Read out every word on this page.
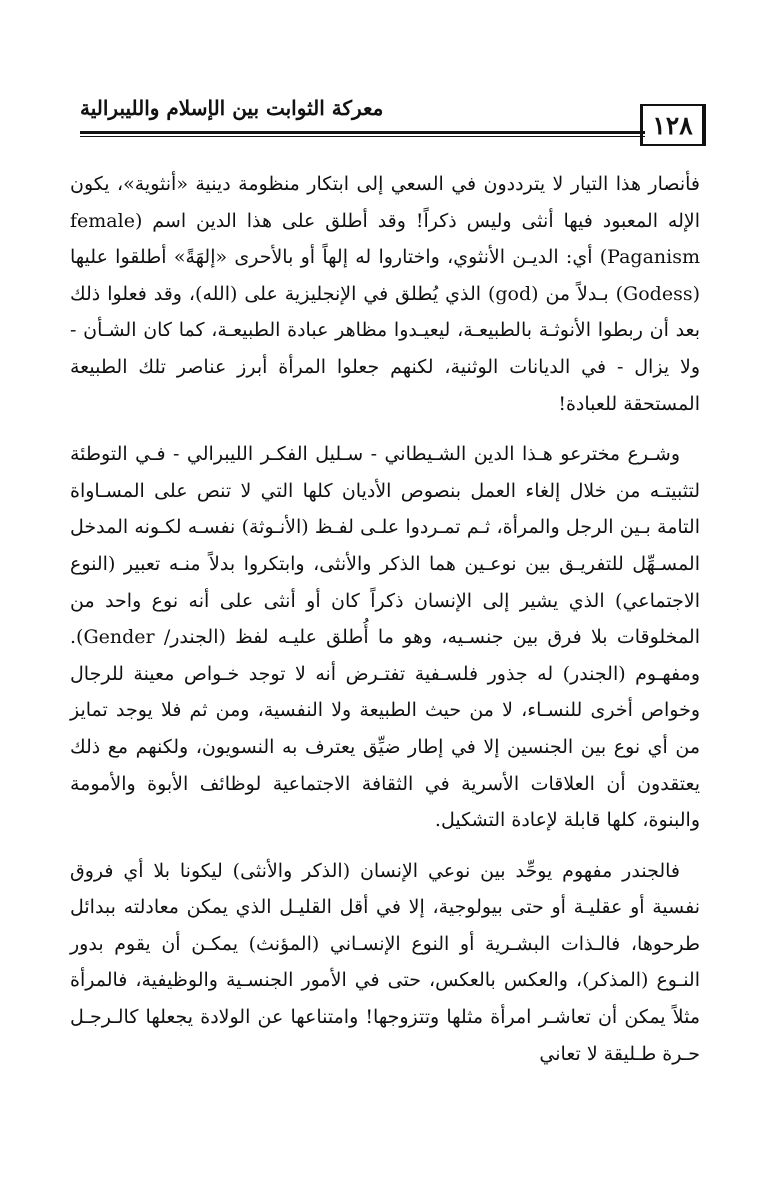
١٢٨
معركة الثوابت بين الإسلام والليبرالية

فأنصار هذا التيار لا يترددون في السعي إلى ابتكار منظومة دينية «أنثوية»، يكون الإله المعبود فيها أنثى وليس ذكراً! وقد أطلق على هذا الدين اسم (female Paganism) أي: الديـن الأنثوي، واختاروا له إلهاً أو بالأحرى «إلهَةً» أطلقوا عليها (Godess) بـدلاً من (god) الذي يُطلق في الإنجليزية على (الله)، وقد فعلوا ذلك بعد أن ربطوا الأنوثـة بالطبيعـة، ليعيـدوا مظاهر عبادة الطبيعـة، كما كان الشـأن - ولا يزال - في الديانات الوثنية، لكنهم جعلوا المرأة أبرز عناصر تلك الطبيعة المستحقة للعبادة!

وشـرع مخترعو هـذا الدين الشـيطاني - سـليل الفكـر الليبرالي - فـي التوطئة لتثبيتـه من خلال إلغاء العمل بنصوص الأديان كلها التي لا تنص على المسـاواة التامة بـين الرجل والمرأة، ثـم تمـردوا علـى لفـظ (الأنـوثة) نفسـه لكـونه المدخل المسـهِّل للتفريـق بين نوعـين هما الذكر والأنثى، وابتكروا بدلاً منـه تعبير (النوع الاجتماعي) الذي يشير إلى الإنسان ذكراً كان أو أنثى على أنه نوع واحد من المخلوقات بلا فرق بين جنسـيه، وهو ما أُطلق عليـه لفظ (الجندر/ Gender). ومفهـوم (الجندر) له جذور فلسـفية تفتـرض أنه لا توجد خـواص معينة للرجال وخواص أخرى للنسـاء، لا من حيث الطبيعة ولا النفسية، ومن ثم فلا يوجد تمايز من أي نوع بين الجنسين إلا في إطار ضيِّق يعترف به النسويون، ولكنهم مع ذلك يعتقدون أن العلاقات الأسرية في الثقافة الاجتماعية لوظائف الأبوة والأمومة والبنوة، كلها قابلة لإعادة التشكيل.

فالجندر مفهوم يوحِّد بين نوعي الإنسان (الذكر والأنثى) ليكونا بلا أي فروق نفسية أو عقليـة أو حتى بيولوجية، إلا في أقل القليـل الذي يمكن معادلته ببدائل طرحوها، فالـذات البشـرية أو النوع الإنسـاني (المؤنث) يمكـن أن يقوم بدور النـوع (المذكر)، والعكس بالعكس، حتى في الأمور الجنسـية والوظيفية، فالمرأة مثلاً يمكن أن تعاشـر امرأة مثلها وتتزوجها! وامتناعها عن الولادة يجعلها كالـرجـل حـرة طـليقة لا تعاني
